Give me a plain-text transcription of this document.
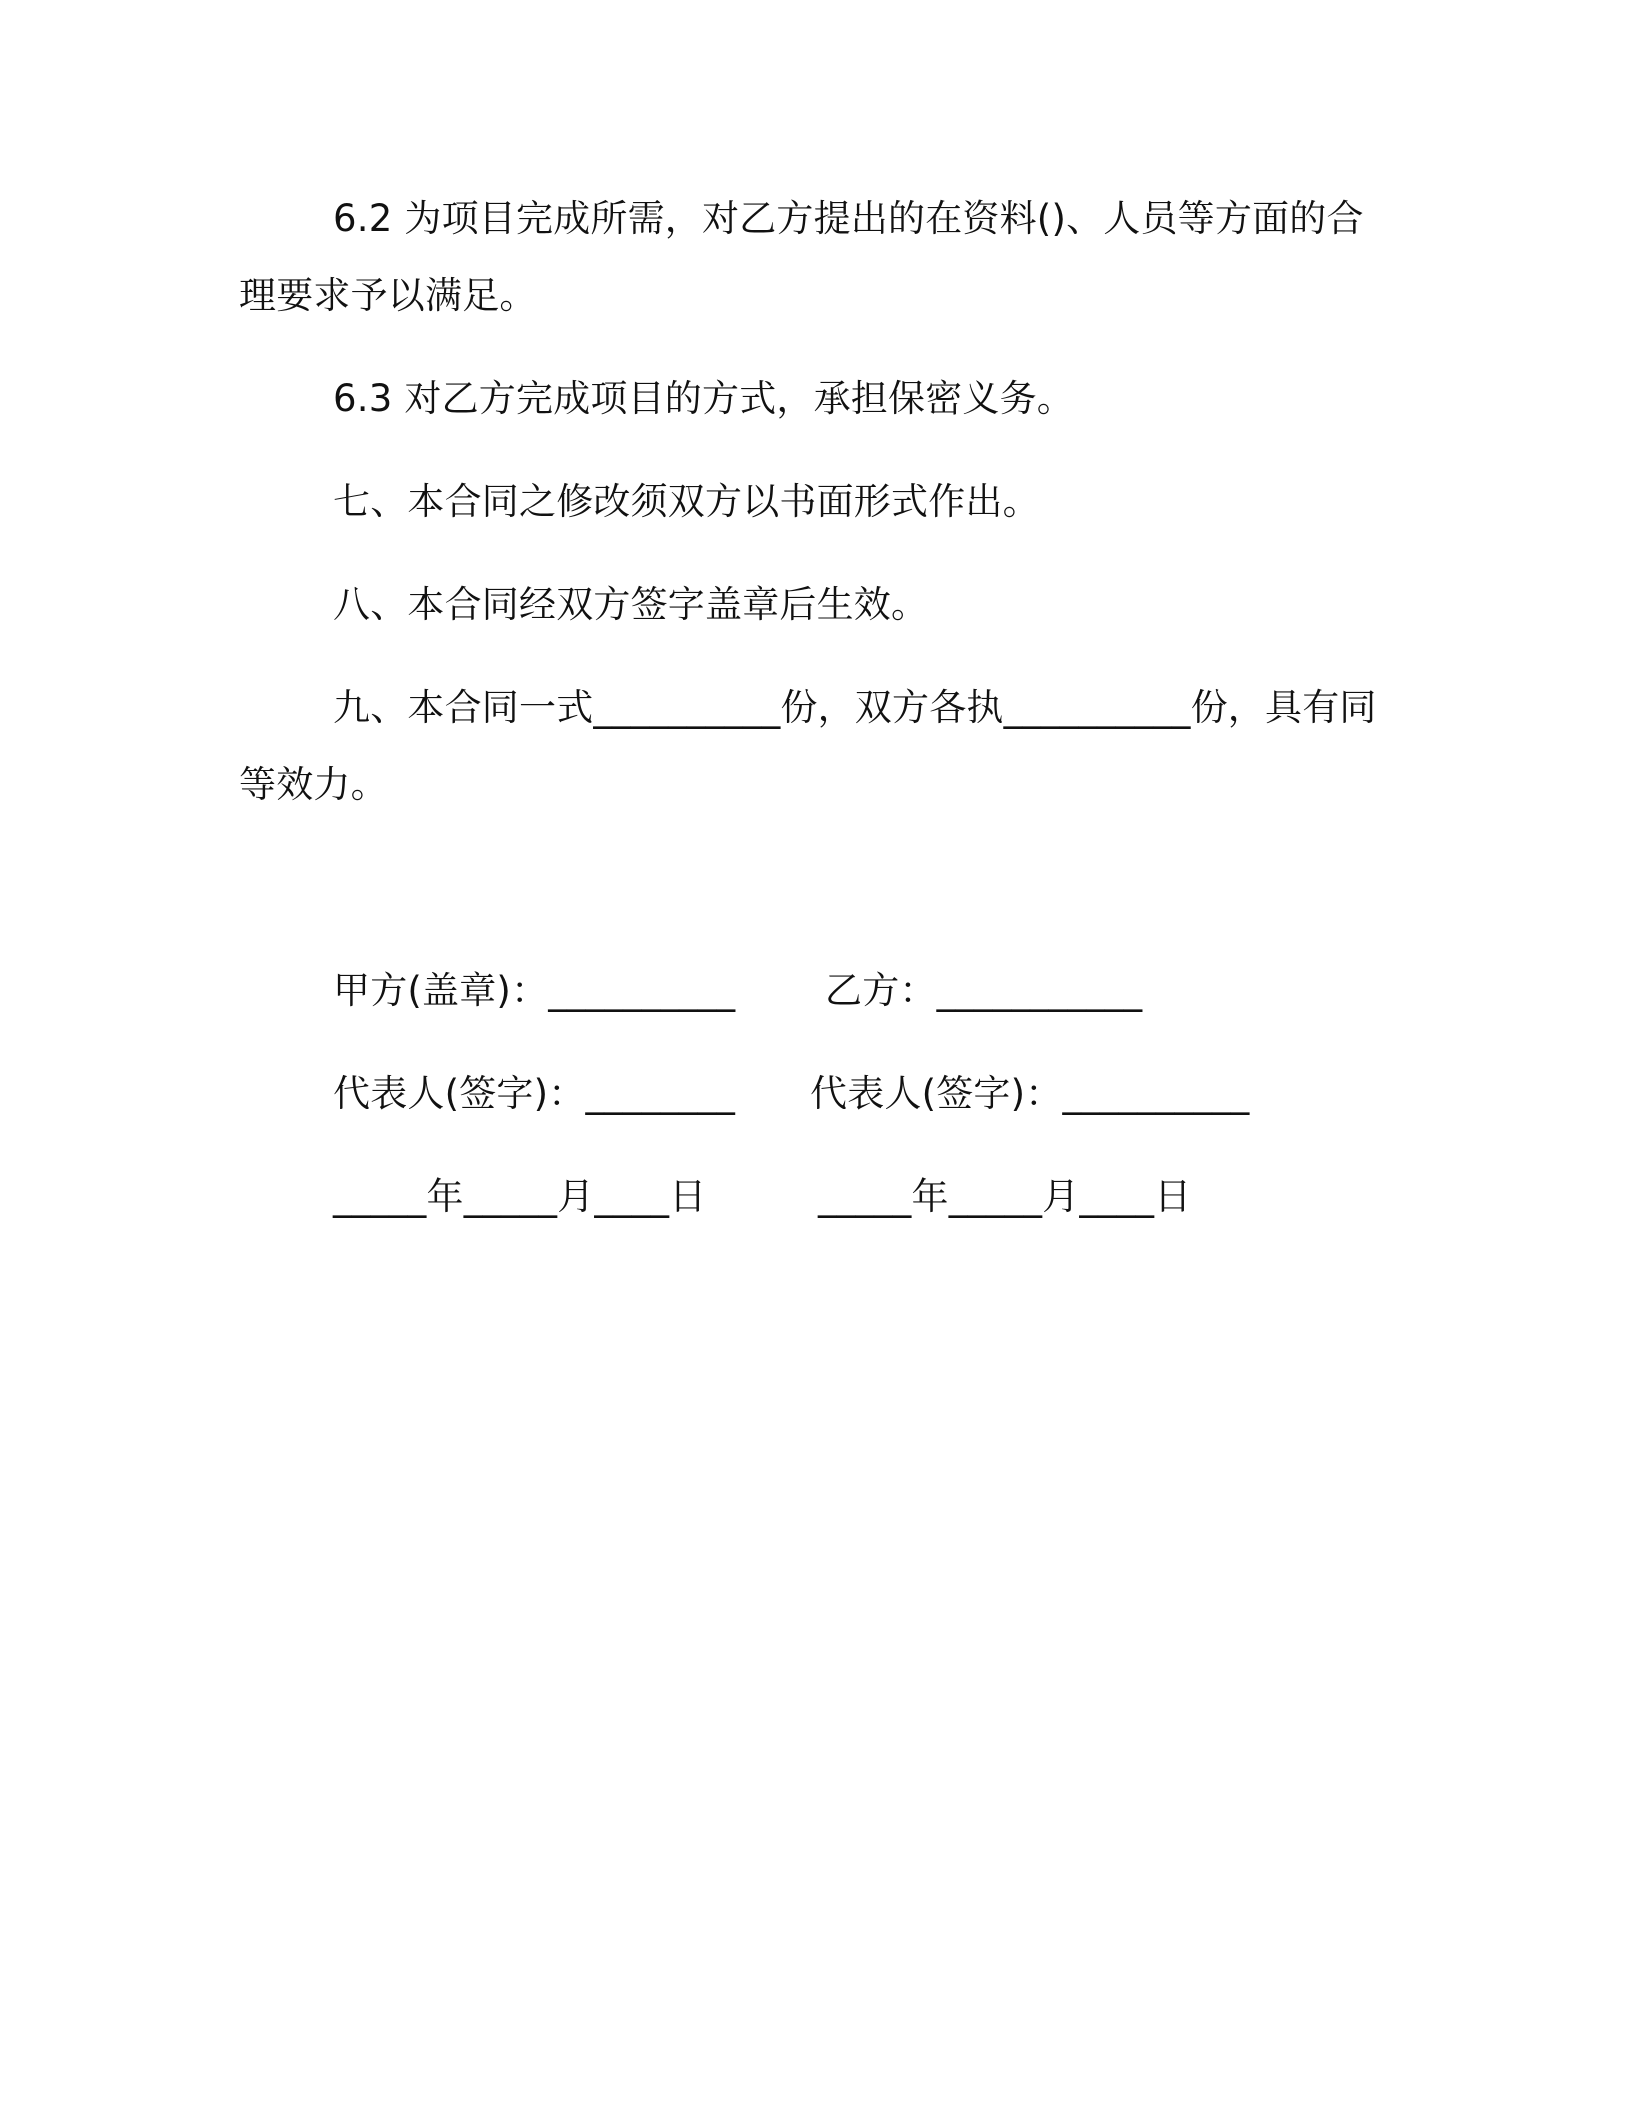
6.2 为项目完成所需，对乙方提出的在资料()、人员等方面的合
理要求予以满足。
6.3 对乙方完成项目的方式，承担保密义务。
七、本合同之修改须双方以书面形式作出。
八、本合同经双方签字盖章后生效。
九、本合同一式__________份，双方各执__________份，具有同
等效力。
甲方(盖章)：__________ 乙方：___________
代表人(签字)：________ 代表人(签字)：__________
_____年_____月____日	_____年_____月____日
